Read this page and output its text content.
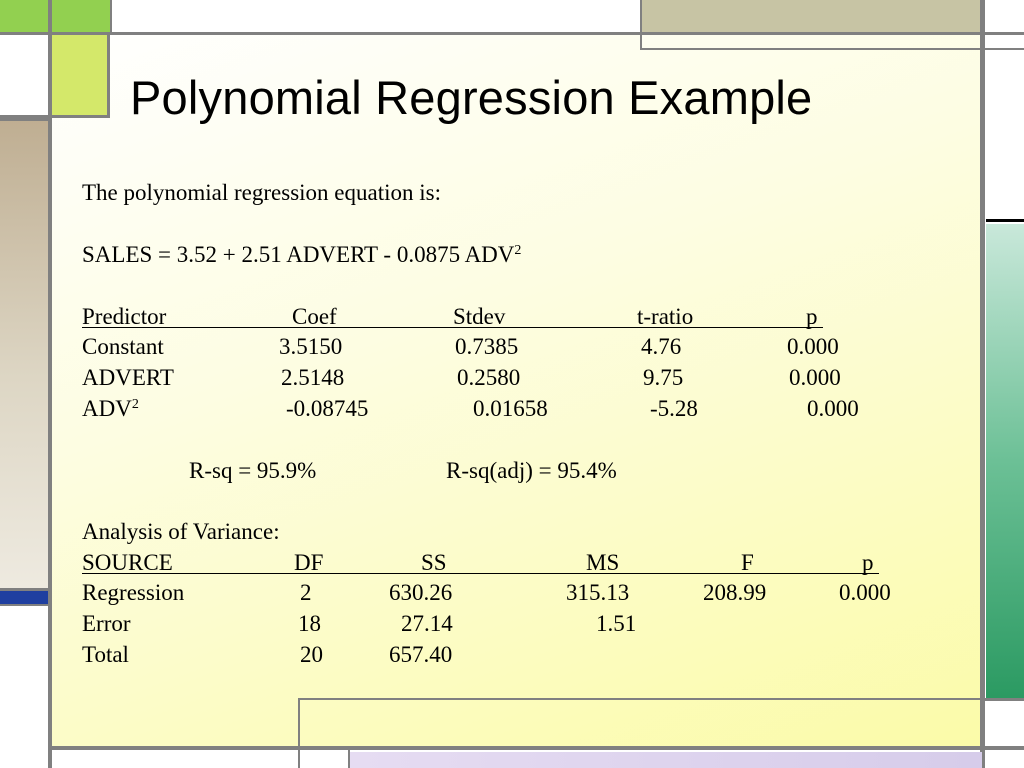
Polynomial Regression Example
The polynomial regression equation is:
SALES = 3.52 + 2.51 ADVERT - 0.0875 ADV$^2$
Predictor	Coef	Stdev	t-ratio	p
Constant	3.5150	0.7385	4.76	0.000
ADVERT	2.5148	0.2580	9.75	0.000
ADV$^2$	-0.08745	0.01658	-5.28	0.000
R-sq = 95.9%	R-sq(adj) = 95.4%
Analysis of Variance:
SOURCE	DF	SS	MS	F	p
Regression	2	630.26	315.13	208.99	0.000
Error	18	27.14	1.51
Total	20	657.40
